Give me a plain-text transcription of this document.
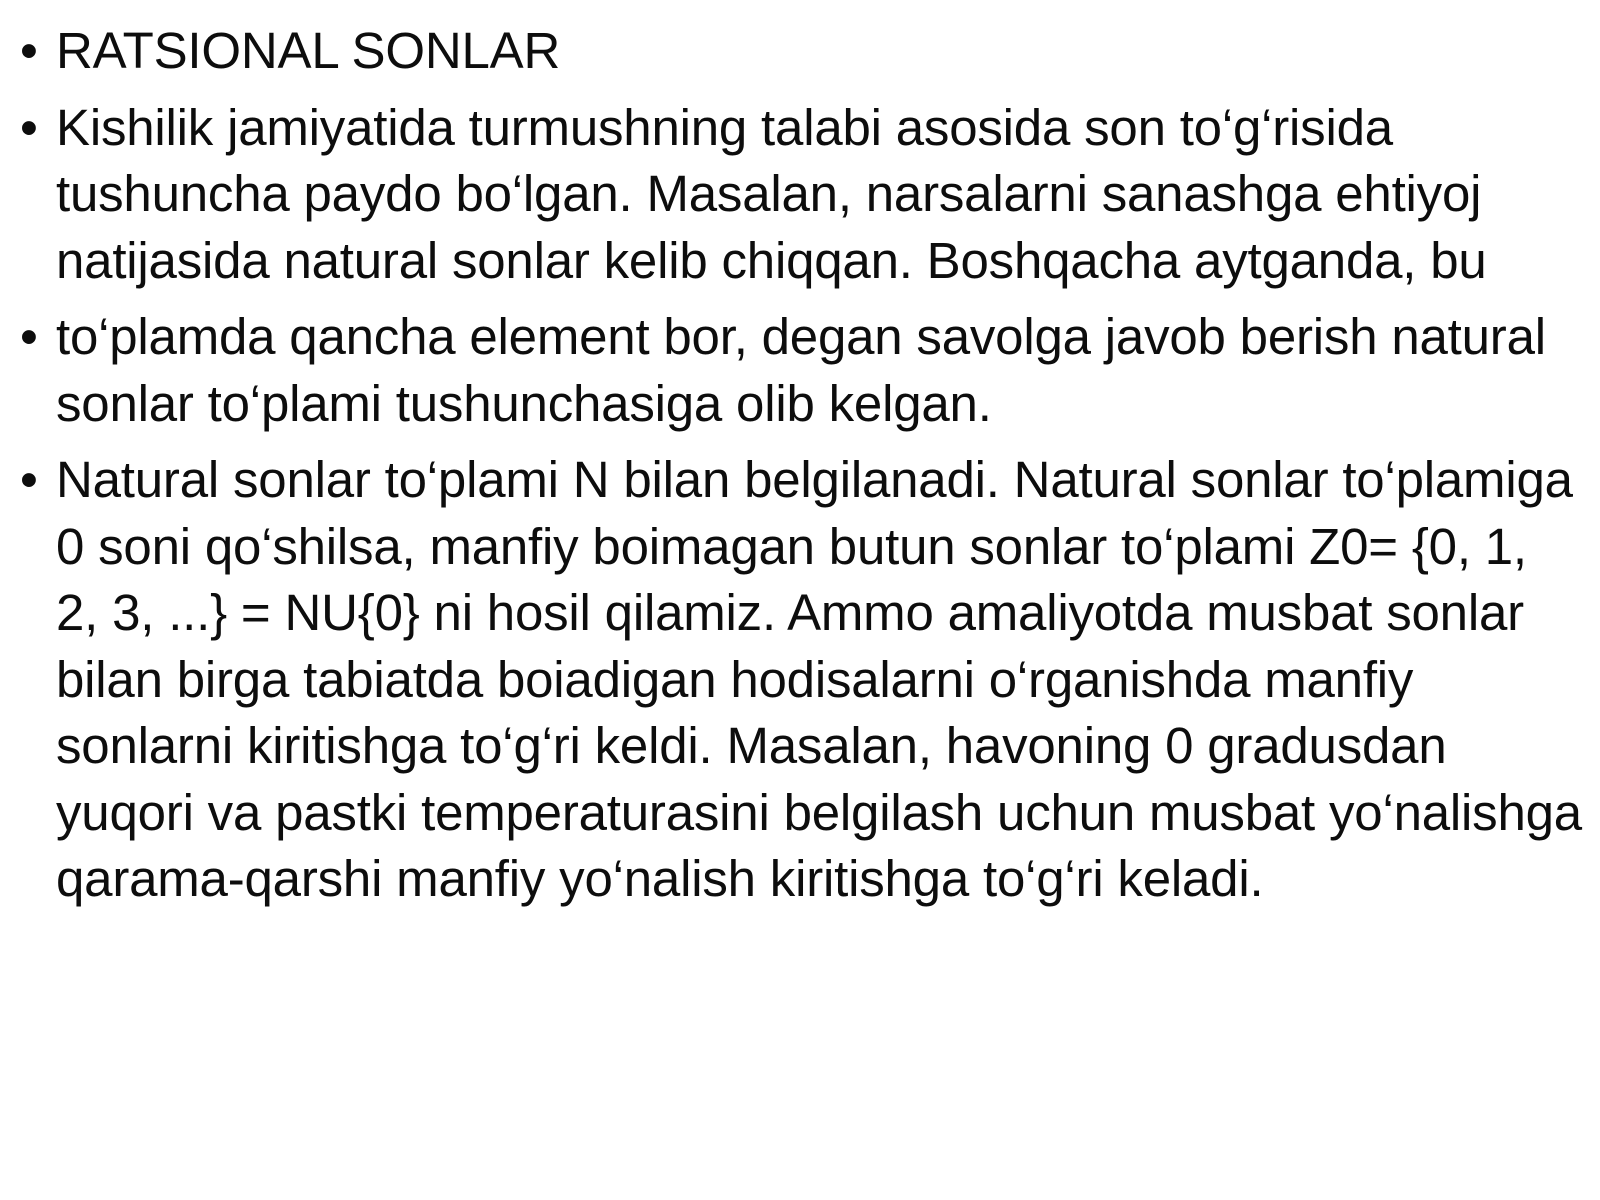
• RATSIONAL SONLAR
• Kishilik jamiyatida turmushning talabi asosida son to‘g‘risida tushuncha paydo bo‘lgan. Masalan, narsalarni sanashga ehtiyoj natijasida natural sonlar kelib chiqqan. Boshqacha aytganda, bu
• to‘plamda qancha element bor, degan savolga javob berish natural sonlar to‘plami tushunchasiga olib kelgan.
• Natural sonlar to‘plami N bilan belgilanadi. Natural sonlar to‘plamiga 0 soni qo‘shilsa, manfiy boimagan butun sonlar to‘plami Z0= {0, 1, 2, 3, ...} = NU{0} ni hosil qilamiz. Ammo amaliyotda musbat sonlar bilan birga tabiatda boiadigan hodisalarni o‘rganishda manfiy sonlarni kiritishga to‘g‘ri keldi. Masalan, havoning 0 gradusdan yuqori va pastki temperaturasini belgilash uchun musbat yo‘nalishga qarama-qarshi manfiy yo‘nalish kiritishga to‘g‘ri keladi.
